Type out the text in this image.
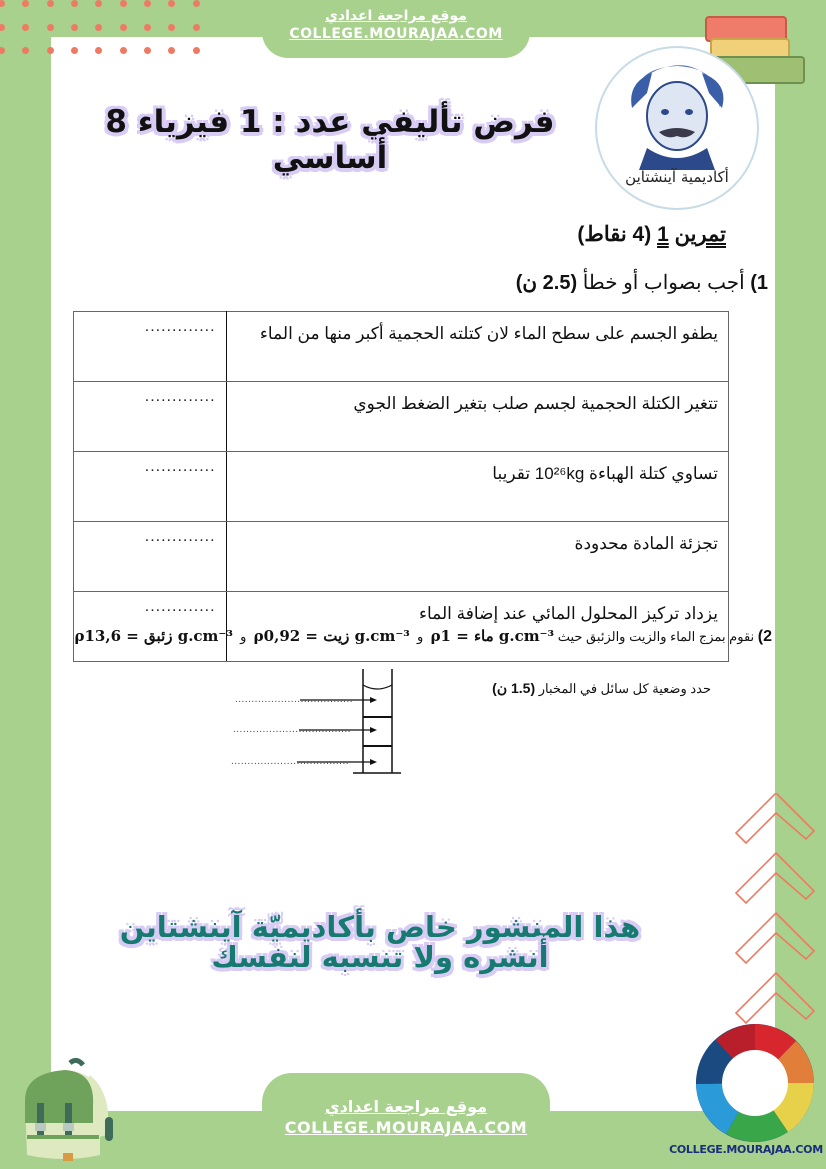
موقع مراجعة اعدادي
COLLEGE.MOURAJAA.COM
أكاديمية آينشتاين
فرض تأليفي عدد : 1 فيزياء 8 أساسي
تمرين 1 (4 نقاط)
1) أجب بصواب أو خطأ (2.5 ن)
.............	يطفو الجسم على سطح الماء لان كتلته الحجمية أكبر منها من الماء
.............	تتغير الكتلة الحجمية لجسم صلب بتغير الضغط الجوي
.............	تساوي كتلة الهباءة 10²⁶kg تقريبا
.............	تجزئة المادة محدودة
.............	يزداد تركيز المحلول المائي عند إضافة الماء
2) نقوم بمزج الماء والزيت والزئبق حيث ρماء = 1 g.cm⁻³  و  ρزيت = 0,92 g.cm⁻³  و  ρزئبق = 13,6 g.cm⁻³
حدد وضعية كل سائل في المخبار (1.5 ن)
....................................
....................................
....................................
هذا المنشور خاص بأكاديميّة آينشتاين
أنشره ولا تنسبه لنفسك
موقع مراجعة اعدادي
COLLEGE.MOURAJAA.COM
COLLEGE.MOURAJAA.COM
